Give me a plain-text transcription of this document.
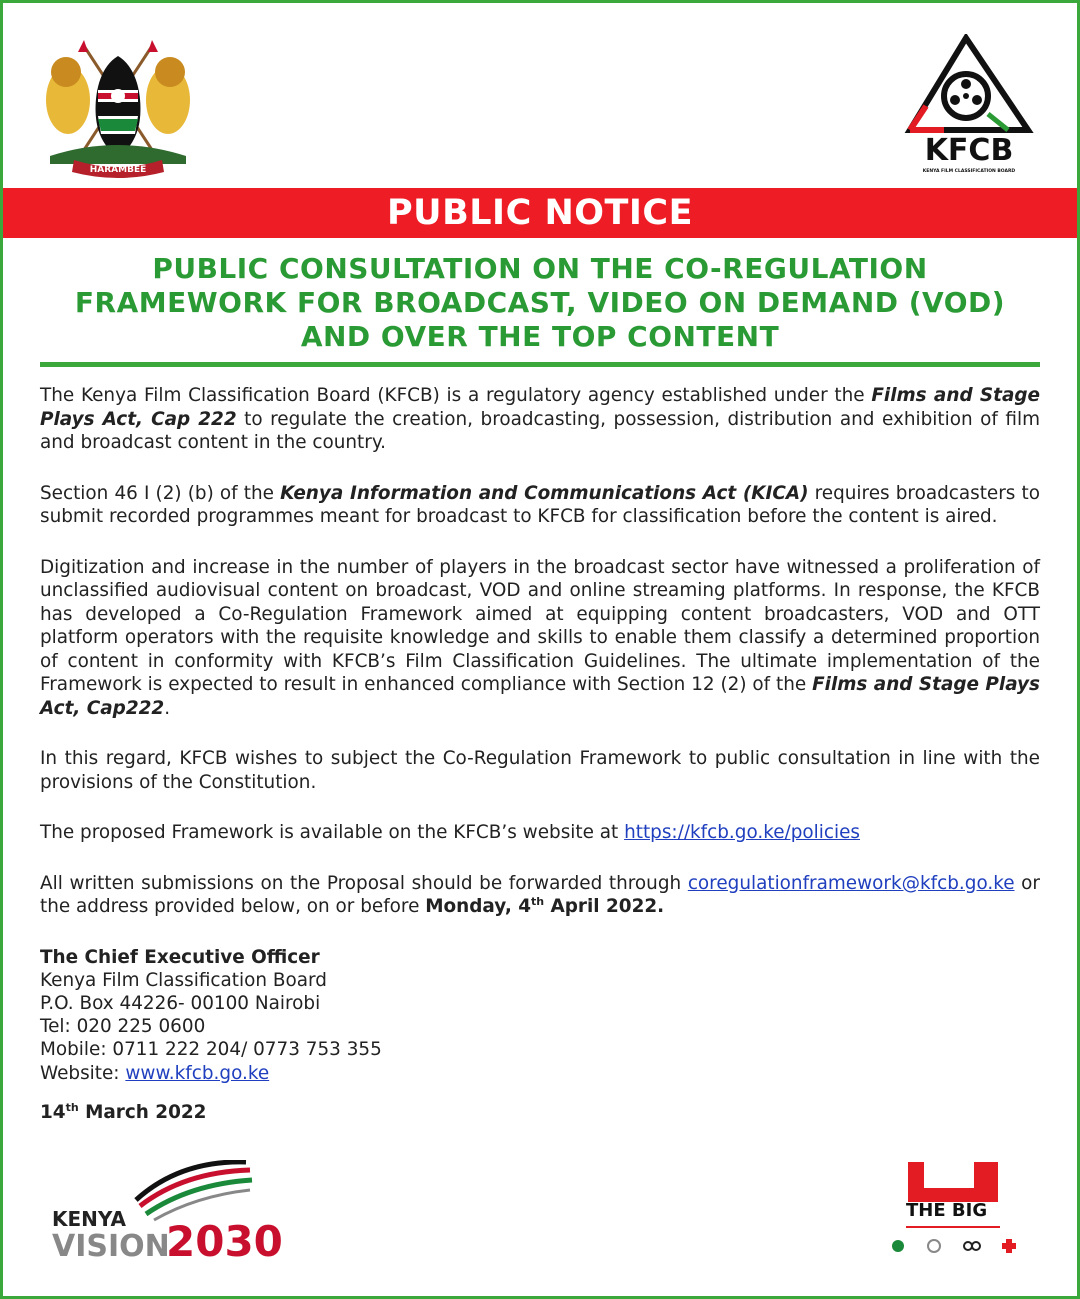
HARAMBEE
KFCB
KENYA FILM CLASSIFICATION BOARD
PUBLIC NOTICE
PUBLIC CONSULTATION ON THE CO-REGULATION
FRAMEWORK FOR BROADCAST, VIDEO ON DEMAND (VOD)
AND OVER THE TOP CONTENT

The Kenya Film Classification Board (KFCB) is a regulatory agency established under the Films and Stage Plays Act, Cap 222 to regulate the creation, broadcasting, possession, distribution and exhibition of film and broadcast content in the country.

Section 46 I (2) (b) of the Kenya Information and Communications Act (KICA) requires broadcasters to submit recorded programmes meant for broadcast to KFCB for classification before the content is aired.

Digitization and increase in the number of players in the broadcast sector have witnessed a proliferation of unclassified audiovisual content on broadcast, VOD and online streaming platforms. In response, the KFCB has developed a Co-Regulation Framework aimed at equipping content broadcasters, VOD and OTT platform operators with the requisite knowledge and skills to enable them classify a determined proportion of content in conformity with KFCB’s Film Classification Guidelines. The ultimate implementation of the Framework is expected to result in enhanced compliance with Section 12 (2) of the Films and Stage Plays Act, Cap222.

In this regard, KFCB wishes to subject the Co-Regulation Framework to public consultation in line with the provisions of the Constitution.

The proposed Framework is available on the KFCB’s website at https://kfcb.go.ke/policies

All written submissions on the Proposal should be forwarded through coregulationframework@kfcb.go.ke or the address provided below, on or before Monday, 4th April 2022.

The Chief Executive Officer
Kenya Film Classification Board
P.O. Box 44226- 00100 Nairobi
Tel: 020 225 0600
Mobile: 0711 222 204/ 0773 753 355
Website: www.kfcb.go.ke
14th March 2022
KENYA
VISION
2030
THE BIG
